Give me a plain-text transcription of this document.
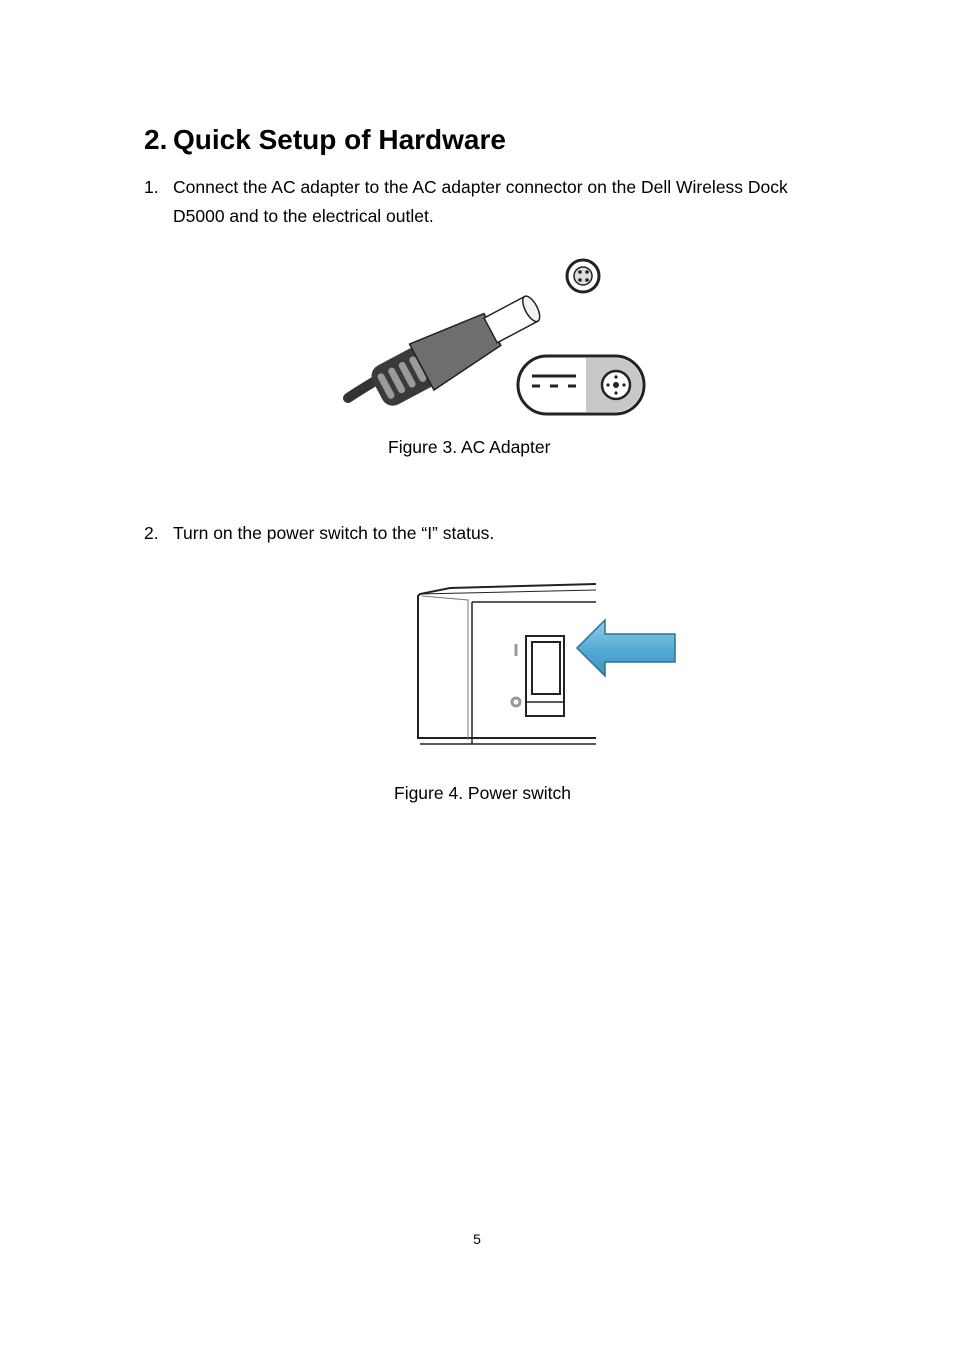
2. Quick Setup of Hardware
1. Connect the AC adapter to the AC adapter connector on the Dell Wireless Dock D5000 and to the electrical outlet.
Figure 3. AC Adapter
2. Turn on the power switch to the “I” status.
Figure 4. Power switch
5
